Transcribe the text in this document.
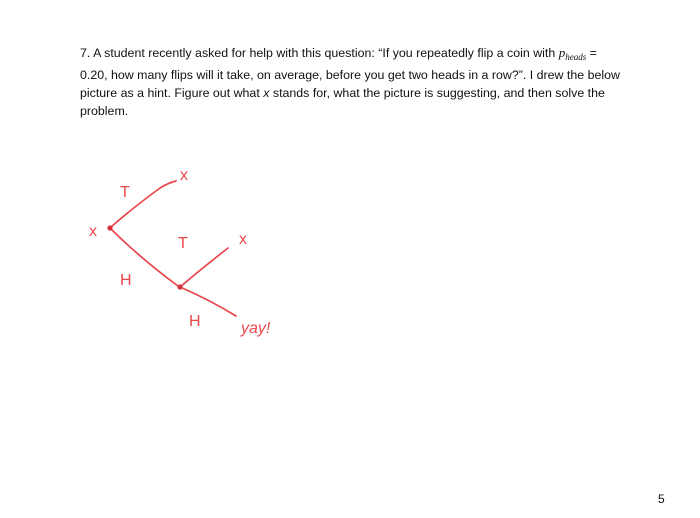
7. A student recently asked for help with this question: “If you repeatedly flip a coin with $p_{heads}$ =
0.20, how many flips will it take, on average, before you get two heads in a row?”. I drew the below
picture as a hint. Figure out what x stands for, what the picture is suggesting, and then solve the
problem.
x
T
x
H
T	x
H	yay!
5
